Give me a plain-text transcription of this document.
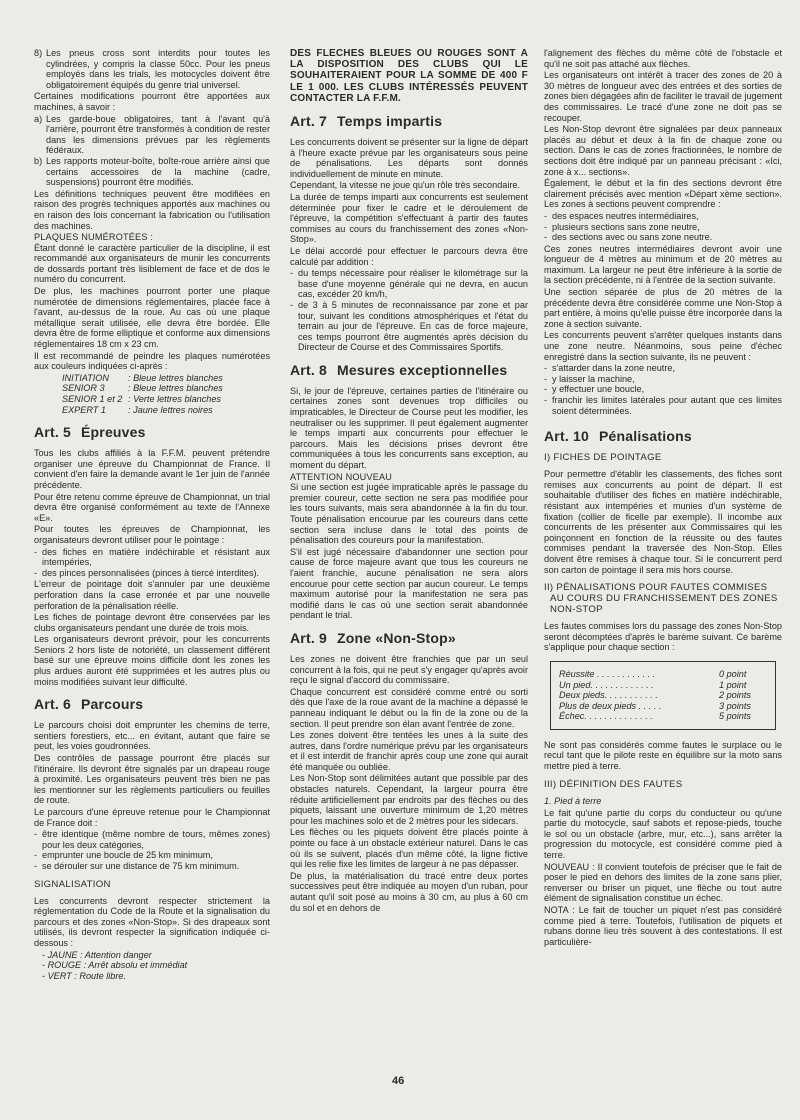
8) Les pneus cross sont interdits pour toutes les cylindrées, y compris la classe 50cc. Pour les pneus employés dans les trials, les motocycles doivent être obligatoirement équipés du genre trial universel.

Certaines modifications pourront être apportées aux machines, à savoir :

a) Les garde-boue obligatoires, tant à l'avant qu'à l'arrière, pourront être transformés à condition de rester dans les dimensions prévues par les règlements fédéraux.
b) Les rapports moteur-boîte, boîte-roue arrière ainsi que certains accessoires de la machine (cadre, suspensions) pourront être modifiés.

Les définitions techniques peuvent être modifiées en raison des progrès techniques apportés aux machines ou en raison des lois concernant la fabrication ou l'utilisation des machines.

PLAQUES NUMÉROTÉES :

Étant donné le caractère particulier de la discipline, il est recommandé aux organisateurs de munir les concurrents de dossards portant très lisiblement de face et de dos le numéro du concurrent.

De plus, les machines pourront porter une plaque numérotée de dimensions réglementaires, placée face à l'avant, au-dessus de la roue. Au cas où une plaque métallique serait utilisée, elle devra être bordée. Elle devra être de forme elliptique et conforme aux dimensions réglementaires 18 cm x 23 cm.

Il est recommandé de peindre les plaques numérotées aux couleurs indiquées ci-après :

INITIATION : Bleue lettres blanches
SENIOR 3	: Bleue lettres blanches
SENIOR 1 et 2 : Verte lettres blanches
EXPERT 1 : Jaune lettres noires
Art. 5 Épreuves

Tous les clubs affiliés à la F.F.M. peuvent prétendre organiser une épreuve du Championnat de France. Il convient d'en faire la demande avant le 1er juin de l'année précédente.

Pour être retenu comme épreuve de Championnat, un trial devra être organisé conformément au texte de l'Annexe «E».

Pour toutes les épreuves de Championnat, les organisateurs devront utiliser pour le pointage :

- des fiches en matière indéchirable et résistant aux intempéries,
- des pinces personnalisées (pinces à tiercé interdites).

L'erreur de pointage doit s'annuler par une deuxième perforation dans la case erronée et par une nouvelle perforation de la pénalisation réelle.

Les fiches de pointage devront être conservées par les clubs organisateurs pendant une durée de trois mois.

Les organisateurs devront prévoir, pour les concurrents Seniors 2 hors liste de notoriété, un classement différent basé sur une épreuve moins difficile dont les zones les plus ardues auront été supprimées et les autres plus ou moins modifiées suivant leur difficulté.

Art. 6 Parcours

Le parcours choisi doit emprunter les chemins de terre, sentiers forestiers, etc... en évitant, autant que faire se peut, les voies goudronnées.

Des contrôles de passage pourront être placés sur l'itinéraire. Ils devront être signalés par un drapeau rouge à proximité. Les organisateurs peuvent très bien ne pas les mentionner sur les règlements particuliers ou feuilles de route.

Le parcours d'une épreuve retenue pour le Championnat de France doit :

- être identique (même nombre de tours, mêmes zones) pour les deux catégories,
- emprunter une boucle de 25 km minimum,
- se dérouler sur une distance de 75 km minimum.
SIGNALISATION

Les concurrents devront respecter strictement la réglementation du Code de la Route et la signalisation du parcours et des zones «Non-Stop». Si des drapeaux sont utilisés, ils devront respecter la signification indiquée ci-dessous :

- JAUNE : Attention danger
- ROUGE : Arrêt absolu et immédiat
- VERT : Route libre.
DES FLECHES BLEUES OU ROUGES SONT A LA DISPOSITION DES CLUBS QUI LE SOUHAITERAIENT POUR LA SOMME DE 400 F LE 1 000. LES CLUBS INTÉRESSÉS PEUVENT CONTACTER LA F.F.M.
Art. 7 Temps impartis

Les concurrents doivent se présenter sur la ligne de départ à l'heure exacte prévue par les organisateurs sous peine de pénalisations. Les départs sont donnés individuellement de minute en minute.

Cependant, la vitesse ne joue qu'un rôle très secondaire.

La durée de temps imparti aux concurrents est seulement déterminée pour fixer le cadre et le déroulement de l'épreuve, la compétition s'effectuant à partir des fautes commises au cours du franchissement des zones «Non-Stop».

Le délai accordé pour effectuer le parcours devra être calculé par addition :

- du temps nécessaire pour réaliser le kilométrage sur la base d'une moyenne générale qui ne devra, en aucun cas, excéder 20 km/h,
- de 3 à 5 minutes de reconnaissance par zone et par tour, suivant les conditions atmosphériques et l'état du terrain au jour de l'épreuve. En cas de force majeure, ces temps pourront être augmentés après décision du Directeur de Course et des Commissaires Sportifs.
Art. 8 Mesures exceptionnelles

Si, le jour de l'épreuve, certaines parties de l'itinéraire ou certaines zones sont devenues trop difficiles ou impraticables, le Directeur de Course peut les modifier, les neutraliser ou les supprimer. Il peut également augmenter le temps imparti aux concurrents pour effectuer le parcours. Mais les décisions prises devront être communiquées à tous les concurrents sans exception, au moment du départ.

ATTENTION NOUVEAU

Si une section est jugée impraticable après le passage du premier coureur, cette section ne sera pas modifiée pour les tours suivants, mais sera abandonnée à la fin du tour. Toute pénalisation encourue par les coureurs dans cette section sera incluse dans le total des points de pénalisation des coureurs pour la manifestation.

S'il est jugé nécessaire d'abandonner une section pour cause de force majeure avant que tous les coureurs ne l'aient franchie, aucune pénalisation ne sera alors encourue pour cette section par aucun coureur. Le temps maximum autorisé pour la manifestation ne sera pas modifié dans le cas où une section serait abandonnée pendant le trial.

Art. 9 Zone «Non-Stop»

Les zones ne doivent être franchies que par un seul concurrent à la fois, qui ne peut s'y engager qu'après avoir reçu le signal d'accord du commissaire.

Chaque concurrent est considéré comme entré ou sorti dès que l'axe de la roue avant de la machine a dépassé le panneau indiquant le début ou la fin de la zone ou de la section. Il peut prendre son élan avant l'entrée de zone.

Les zones doivent être tentées les unes à la suite des autres, dans l'ordre numérique prévu par les organisateurs et il est interdit de franchir après coup une zone qui aurait été manquée ou oubliée.

Les Non-Stop sont délimitées autant que possible par des obstacles naturels. Cependant, la largeur pourra être réduite artificiellement par endroits par des flèches ou des piquets, laissant une ouverture minimum de 1,20 mètres pour les machines solo et de 2 mètres pour les sidecars.

Les flèches ou les piquets doivent être placés pointe à pointe ou face à un obstacle extérieur naturel. Dans le cas où ils se suivent, placés d'un même côté, la ligne fictive qui les relie fixe les limites de largeur à ne pas dépasser.

De plus, la matérialisation du tracé entre deux portes successives peut être indiquée au moyen d'un ruban, pour autant qu'il soit posé au moins à 30 cm, au plus à 60 cm du sol et en dehors de

l'alignement des flèches du même côté de l'obstacle et qu'il ne soit pas attaché aux flèches.

Les organisateurs ont intérêt à tracer des zones de 20 à 30 mètres de longueur avec des entrées et des sorties de zones bien dégagées afin de faciliter le travail de jugement des commissaires. Le tracé d'une zone ne doit pas se recouper.

Les Non-Stop devront être signalées par deux panneaux placés au début et deux à la fin de chaque zone ou section. Dans le cas de zones fractionnées, le nombre de sections doit être indiqué par un panneau précisant : «Ici, zone à x... sections».

Également, le début et la fin des sections devront être clairement précisés avec mention «Départ xème section». Les zones à sections peuvent comprendre :

- des espaces neutres intermédiaires,
- plusieurs sections sans zone neutre,
- des sections avec ou sans zone neutre.

Ces zones neutres intermédiaires devront avoir une longueur de 4 mètres au minimum et de 20 mètres au maximum. La largeur ne peut être inférieure à la sortie de la section précédente, ni à l'entrée de la section suivante.

Une section séparée de plus de 20 mètres de la précédente devra être considérée comme une Non-Stop à part entière, à moins qu'elle puisse être incorporée dans la zone à section suivante.

Les concurrents peuvent s'arrêter quelques instants dans une zone neutre. Néanmoins, sous peine d'échec enregistré dans la section suivante, ils ne peuvent :

- s'attarder dans la zone neutre,
- y laisser la machine,
- y effectuer une boucle,
- franchir les limites latérales pour autant que ces limites soient déterminées.
Art. 10 Pénalisations
I) FICHES DE POINTAGE

Pour permettre d'établir les classements, des fiches sont remises aux concurrents au point de départ. Il est souhaitable d'utiliser des fiches en matière indéchirable, résistant aux intempéries et munies d'un système de fixation (collier de ficelle par exemple). Il incombe aux concurrents de les présenter aux Commissaires qui les poinçonnent en fonction de la réussite ou des fautes commises pendant la traversée des Non-Stop. Elles doivent être remises à chaque tour. Si le concurrent perd son carton de pointage il sera mis hors course.

II) PÉNALISATIONS POUR FAUTES COMMISES AU COURS DU FRANCHISSEMENT DES ZONES NON-STOP

Les fautes commises lors du passage des zones Non-Stop seront décomptées d'après le barème suivant. Ce barème s'applique pour chaque section :

Réussite . . . . . . . . . . . .	0 point
Un pied. . . . . . . . . . . . .	1 point
Deux pieds. . . . . . . . . . .	2 points
Plus de deux pieds . . . . .	3 points
Échec. . . . . . . . . . . . . .	5 points

Ne sont pas considérés comme fautes le surplace ou le recul tant que le pilote reste en équilibre sur la moto sans mettre pied à terre.

III) DÉFINITION DES FAUTES
1. Pied à terre

Le fait qu'une partie du corps du conducteur ou qu'une partie du motocycle, sauf sabots et repose-pieds, touche le sol ou un obstacle (arbre, mur, etc...), sans arrêter la progression du motocycle, est considéré comme pied à terre.

NOUVEAU : Il convient toutefois de préciser que le fait de poser le pied en dehors des limites de la zone sans plier, renverser ou briser un piquet, une flèche ou tout autre élément de signalisation constitue un échec.

NOTA : Le fait de toucher un piquet n'est pas considéré comme pied à terre. Toutefois, l'utilisation de piquets et rubans donne lieu très souvent à des contestations. Il est particulière-

46
